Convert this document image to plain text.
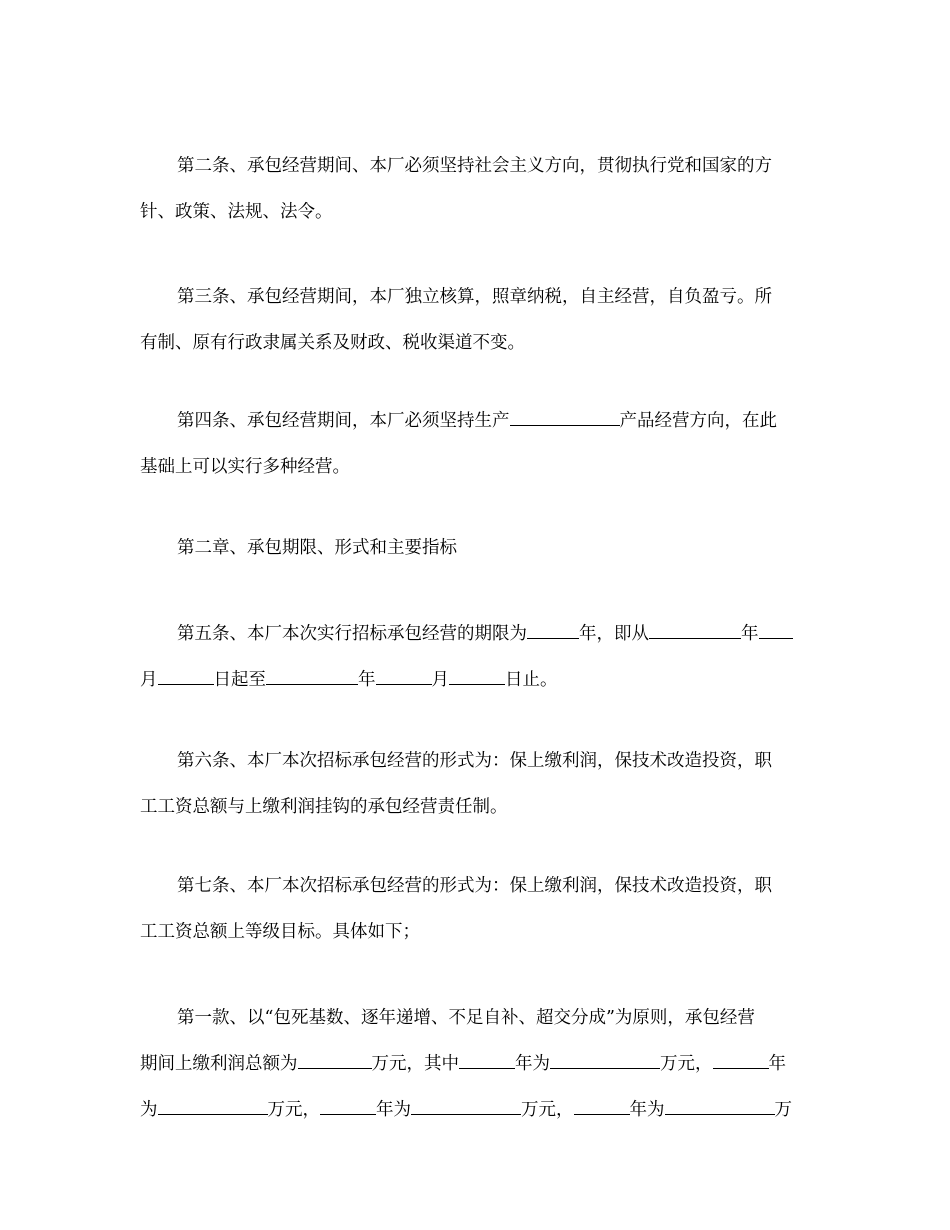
第二条、承包经营期间、本厂必须坚持社会主义方向，贯彻执行党和国家的方
针、政策、法规、法令。
第三条、承包经营期间，本厂独立核算，照章纳税，自主经营，自负盈亏。所
有制、原有行政隶属关系及财政、税收渠道不变。
第四条、承包经营期间，本厂必须坚持生产	产品经营方向，在此
基础上可以实行多种经营。
第二章、承包期限、形式和主要指标
第五条、本厂本次实行招标承包经营的期限为	年，即从	年
月	日起至	年	月	日止。
第六条、本厂本次招标承包经营的形式为：保上缴利润，保技术改造投资，职
工工资总额与上缴利润挂钩的承包经营责任制。
第七条、本厂本次招标承包经营的形式为：保上缴利润，保技术改造投资，职
工工资总额上等级目标。具体如下；
第一款、以“包死基数、逐年递增、不足自补、超交分成”为原则，承包经营
期间上缴利润总额为	万元，其中	年为	万元，	年
为	万元，	年为	万元，	年为	万
